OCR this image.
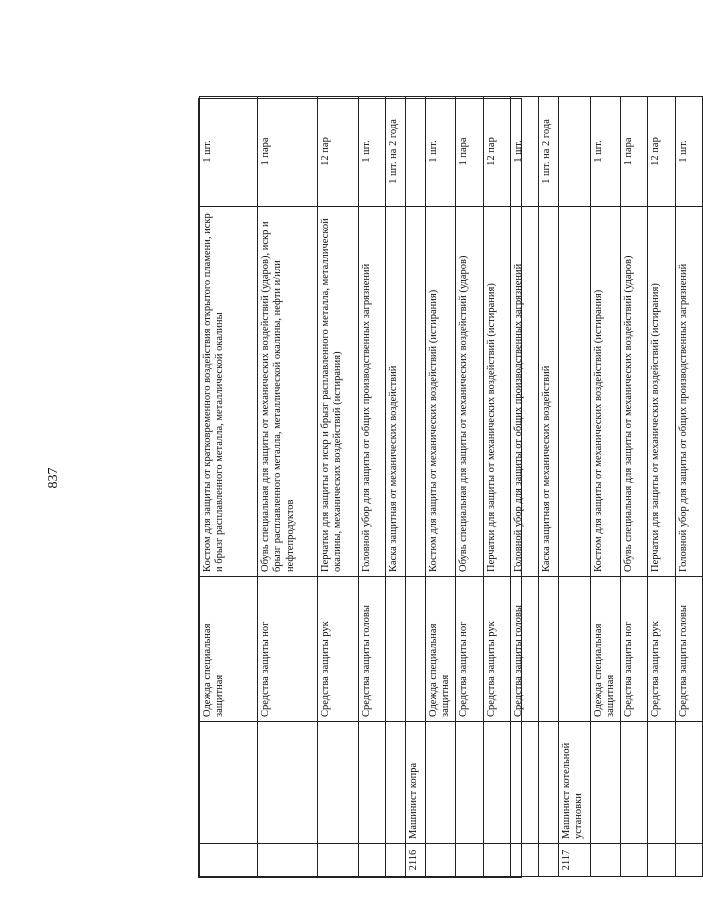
837
		Одежда специальная защитная	Костюм для защиты от кратковременного воздействия открытого пламени, искр и брызг расплавленного металла, металлической окалины	1 шт.
		Средства защиты ног	Обувь специальная для защиты от механических воздействий (ударов), искр и брызг расплавленного металла, металлической окалины, нефти и/или нефтепродуктов	1 пара
		Средства защиты рук	Перчатки для защиты от искр и брызг расплавленного металла, металлической окалины, механических воздействий (истирания)	12 пар
		Средства защиты головы	Головной убор для защиты от общих производственных загрязнений	1 шт.
			Каска защитная от механических воздействий	1 шт. на 2 года
2116	Машинист копра			
		Одежда специальная защитная	Костюм для защиты от механических воздействий (истирания)	1 шт.
		Средства защиты ног	Обувь специальная для защиты от механических воздействий (ударов)	1 пара
		Средства защиты рук	Перчатки для защиты от механических воздействий (истирания)	12 пар
		Средства защиты головы	Головной убор для защиты от общих производственных загрязнений	1 шт.
			Каска защитная от механических воздействий	1 шт. на 2 года
2117	Машинист котельной установки			
		Одежда специальная защитная	Костюм для защиты от механических воздействий (истирания)	1 шт.
		Средства защиты ног	Обувь специальная для защиты от механических воздействий (ударов)	1 пара
		Средства защиты рук	Перчатки для защиты от механических воздействий (истирания)	12 пар
		Средства защиты головы	Головной убор для защиты от общих производственных загрязнений	1 шт.
